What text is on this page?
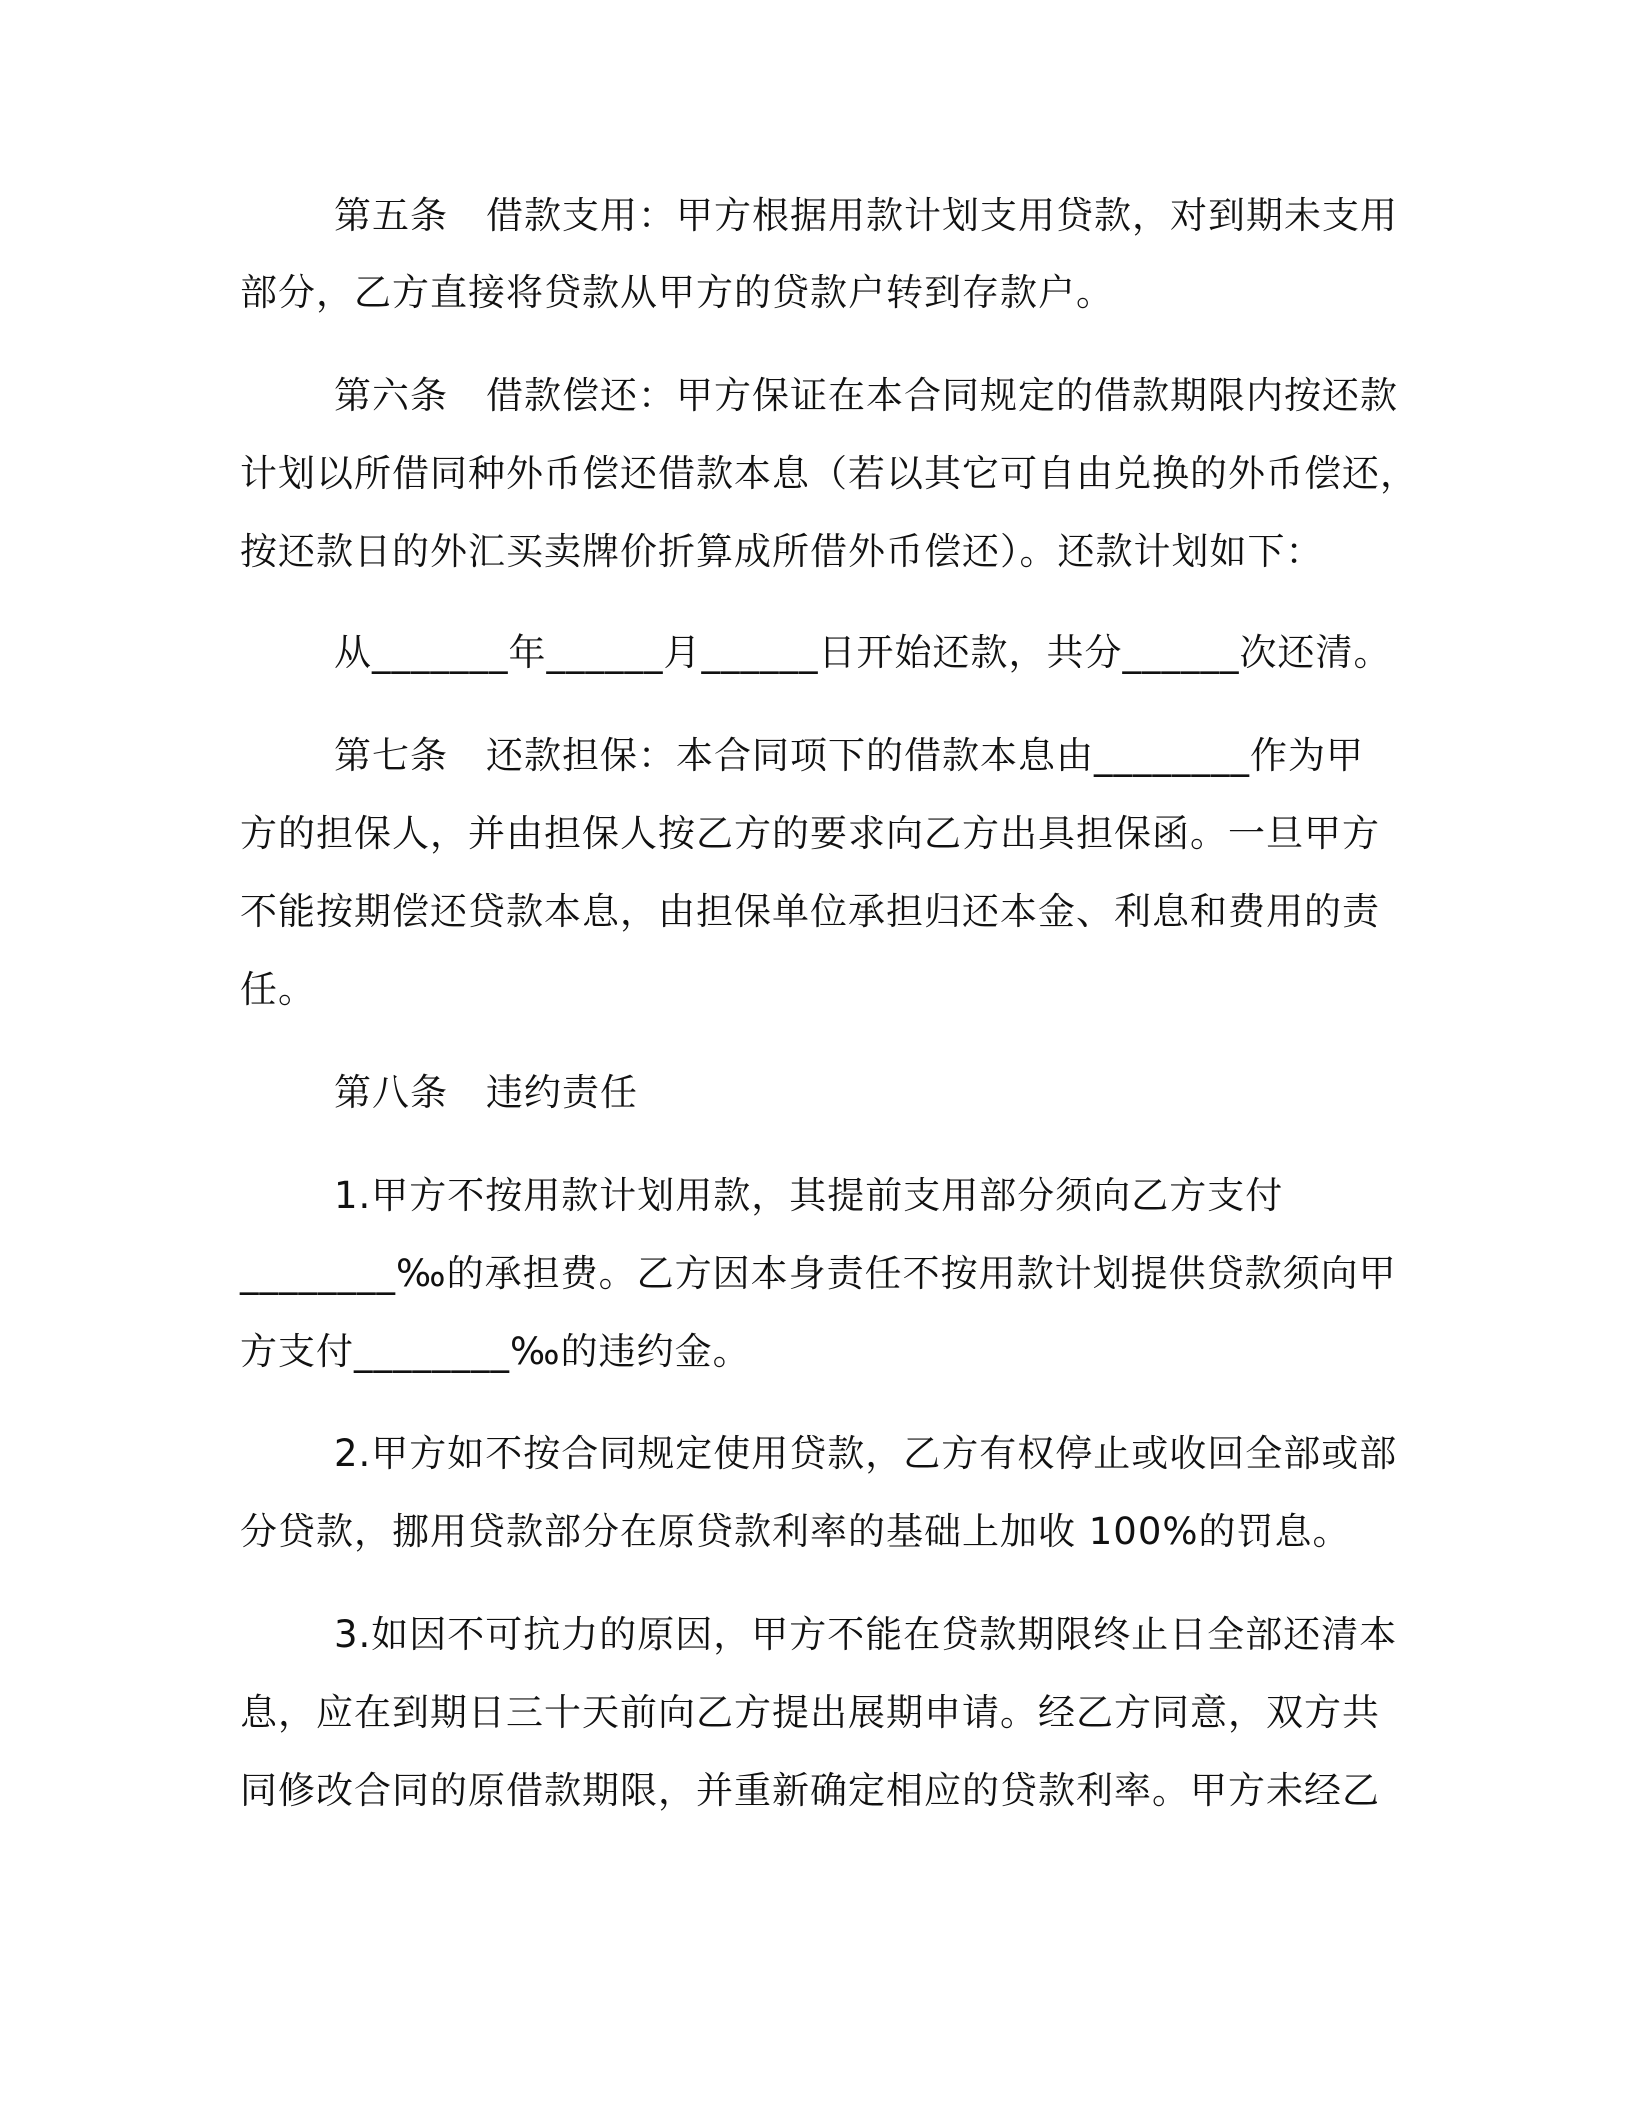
第五条　借款支用：甲方根据用款计划支用贷款，对到期未支用
部分，乙方直接将贷款从甲方的贷款户转到存款户。
第六条　借款偿还：甲方保证在本合同规定的借款期限内按还款
计划以所借同种外币偿还借款本息（若以其它可自由兑换的外币偿还，
按还款日的外汇买卖牌价折算成所借外币偿还）。还款计划如下：
从_______年______月______日开始还款，共分______次还清。
第七条　还款担保：本合同项下的借款本息由________作为甲
方的担保人，并由担保人按乙方的要求向乙方出具担保函。一旦甲方
不能按期偿还贷款本息，由担保单位承担归还本金、利息和费用的责
任。
第八条　违约责任
1.甲方不按用款计划用款，其提前支用部分须向乙方支付
________‰的承担费。乙方因本身责任不按用款计划提供贷款须向甲
方支付________‰的违约金。
2.甲方如不按合同规定使用贷款，乙方有权停止或收回全部或部
分贷款，挪用贷款部分在原贷款利率的基础上加收 100%的罚息。
3.如因不可抗力的原因，甲方不能在贷款期限终止日全部还清本
息，应在到期日三十天前向乙方提出展期申请。经乙方同意，双方共
同修改合同的原借款期限，并重新确定相应的贷款利率。甲方未经乙
